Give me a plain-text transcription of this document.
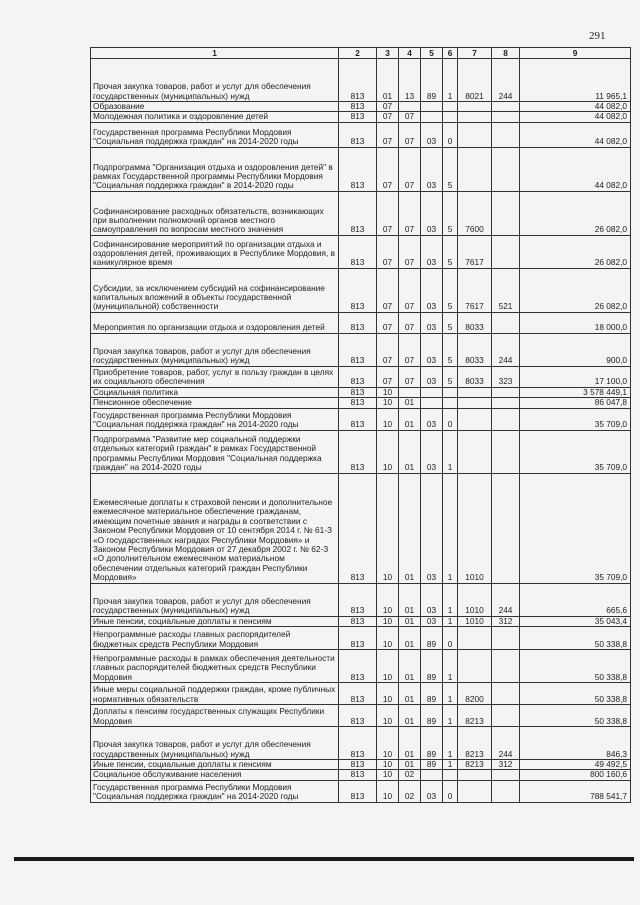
291
1	2	3	4	5	6	7	8	9
Прочая закупка товаров, работ и услуг для обеспечения государственных (муниципальных) нужд	813	01	13	89	1	8021	244	11 965,1
Образование	813	07						44 082,0
Молодежная политика и оздоровление детей	813	07	07					44 082,0
Государственная программа Республики Мордовия "Социальная поддержка граждан" на 2014-2020 годы	813	07	07	03	0			44 082,0
Подпрограмма "Организация отдыха и оздоровления детей" в рамках Государственной программы Республики Мордовия "Социальная поддержка граждан" в 2014-2020 годы	813	07	07	03	5			44 082,0
Софинансирование расходных обязательств, возникающих при выполнении полномочий органов местного самоуправления по вопросам местного значения	813	07	07	03	5	7600		26 082,0
Софинансирование мероприятий по организации отдыха и оздоровления детей, проживающих в Республике Мордовия, в каникулярное время	813	07	07	03	5	7617		26 082,0
Субсидии, за исключением субсидий на софинансирование капитальных вложений в объекты государственной (муниципальной) собственности	813	07	07	03	5	7617	521	26 082,0
Мероприятия по организации отдыха и оздоровления детей	813	07	07	03	5	8033		18 000,0
Прочая закупка товаров, работ и услуг для обеспечения государственных (муниципальных) нужд	813	07	07	03	5	8033	244	900,0
Приобретение товаров, работ, услуг в пользу граждан в целях их социального обеспечения	813	07	07	03	5	8033	323	17 100,0
Социальная политика	813	10						3 578 449,1
Пенсионное обеспечение	813	10	01					86 047,8
Государственная программа Республики Мордовия "Социальная поддержка граждан" на 2014-2020 годы	813	10	01	03	0			35 709,0
Подпрограмма "Развитие мер социальной поддержки отдельных категорий граждан" в рамках Государственной программы Республики Мордовия "Социальная поддержка граждан" на 2014-2020 годы	813	10	01	03	1			35 709,0
Ежемесячные доплаты к страховой пенсии и дополнительное ежемесячное материальное обеспечение гражданам, имеющим почетные звания и награды в соответствии с Законом Республики Мордовия от 10 сентября 2014 г. № 61-З «О государственных наградах Республики Мордовия» и Законом Республики Мордовия от 27 декабря 2002 г. № 62-З «О дополнительном ежемесячном материальном обеспечении отдельных категорий граждан Республики Мордовия»	813	10	01	03	1	1010		35 709,0
Прочая закупка товаров, работ и услуг для обеспечения государственных (муниципальных) нужд	813	10	01	03	1	1010	244	665,6
Иные пенсии, социальные доплаты к пенсиям	813	10	01	03	1	1010	312	35 043,4
Непрограммные расходы главных распорядителей бюджетных средств Республики Мордовия	813	10	01	89	0			50 338,8
Непрограммные расходы в рамках обеспечения деятельности главных распорядителей бюджетных средств Республики Мордовия	813	10	01	89	1			50 338,8
Иные меры социальной поддержки граждан, кроме публичных нормативных обязательств	813	10	01	89	1	8200		50 338,8
Доплаты к пенсиям государственных служащих Республики Мордовия	813	10	01	89	1	8213		50 338,8
Прочая закупка товаров, работ и услуг для обеспечения государственных (муниципальных) нужд	813	10	01	89	1	8213	244	846,3
Иные пенсии, социальные доплаты к пенсиям	813	10	01	89	1	8213	312	49 492,5
Социальное обслуживание населения	813	10	02					800 160,6
Государственная программа Республики Мордовия "Социальная поддержка граждан" на 2014-2020 годы	813	10	02	03	0			788 541,7
